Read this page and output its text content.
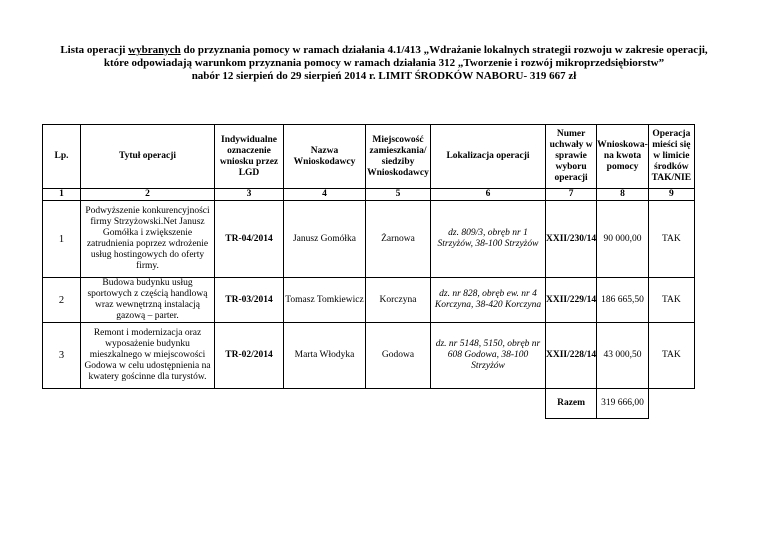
Lista operacji wybranych do przyznania pomocy w ramach działania 4.1/413 „Wdrażanie lokalnych strategii rozwoju w zakresie operacji,
które odpowiadają warunkom przyznania pomocy w ramach działania 312 „Tworzenie i rozwój mikroprzedsiębiorstw”
nabór 12 sierpień do 29 sierpień 2014 r. LIMIT ŚRODKÓW NABORU- 319 667 zł
Lp.	Tytuł operacji	Indywidualne oznaczenie wniosku przez LGD	Nazwa Wnioskodawcy	Miejscowość zamieszkania/ siedziby Wnioskodawcy	Lokalizacja operacji	Numer uchwały w sprawie wyboru operacji	Wnioskowa-na kwota pomocy	Operacja mieści się w limicie środków TAK/NIE
1	2	3	4	5	6	7	8	9
1	Podwyższenie konkurencyjności firmy Strzyżowski.Net Janusz Gomółka i zwiększenie zatrudnienia poprzez wdrożenie usług hostingowych do oferty firmy.	TR-04/2014	Janusz Gomółka	Żarnowa	dz. 809/3, obręb nr 1 Strzyżów, 38-100 Strzyżów	XXII/230/14	90 000,00	TAK
2	Budowa budynku usług sportowych z częścią handlową wraz wewnętrzną instalacją gazową – parter.	TR-03/2014	Tomasz Tomkiewicz	Korczyna	dz. nr 828, obręb ew. nr 4 Korczyna, 38-420 Korczyna	XXII/229/14	186 665,50	TAK
3	Remont i modernizacja oraz wyposażenie budynku mieszkalnego w miejscowości Godowa w celu udostępnienia na kwatery gościnne dla turystów.	TR-02/2014	Marta Włodyka	Godowa	dz. nr 5148, 5150, obręb nr 608 Godowa, 38-100 Strzyżów	XXII/228/14	43 000,50	TAK
						Razem	319 666,00	
